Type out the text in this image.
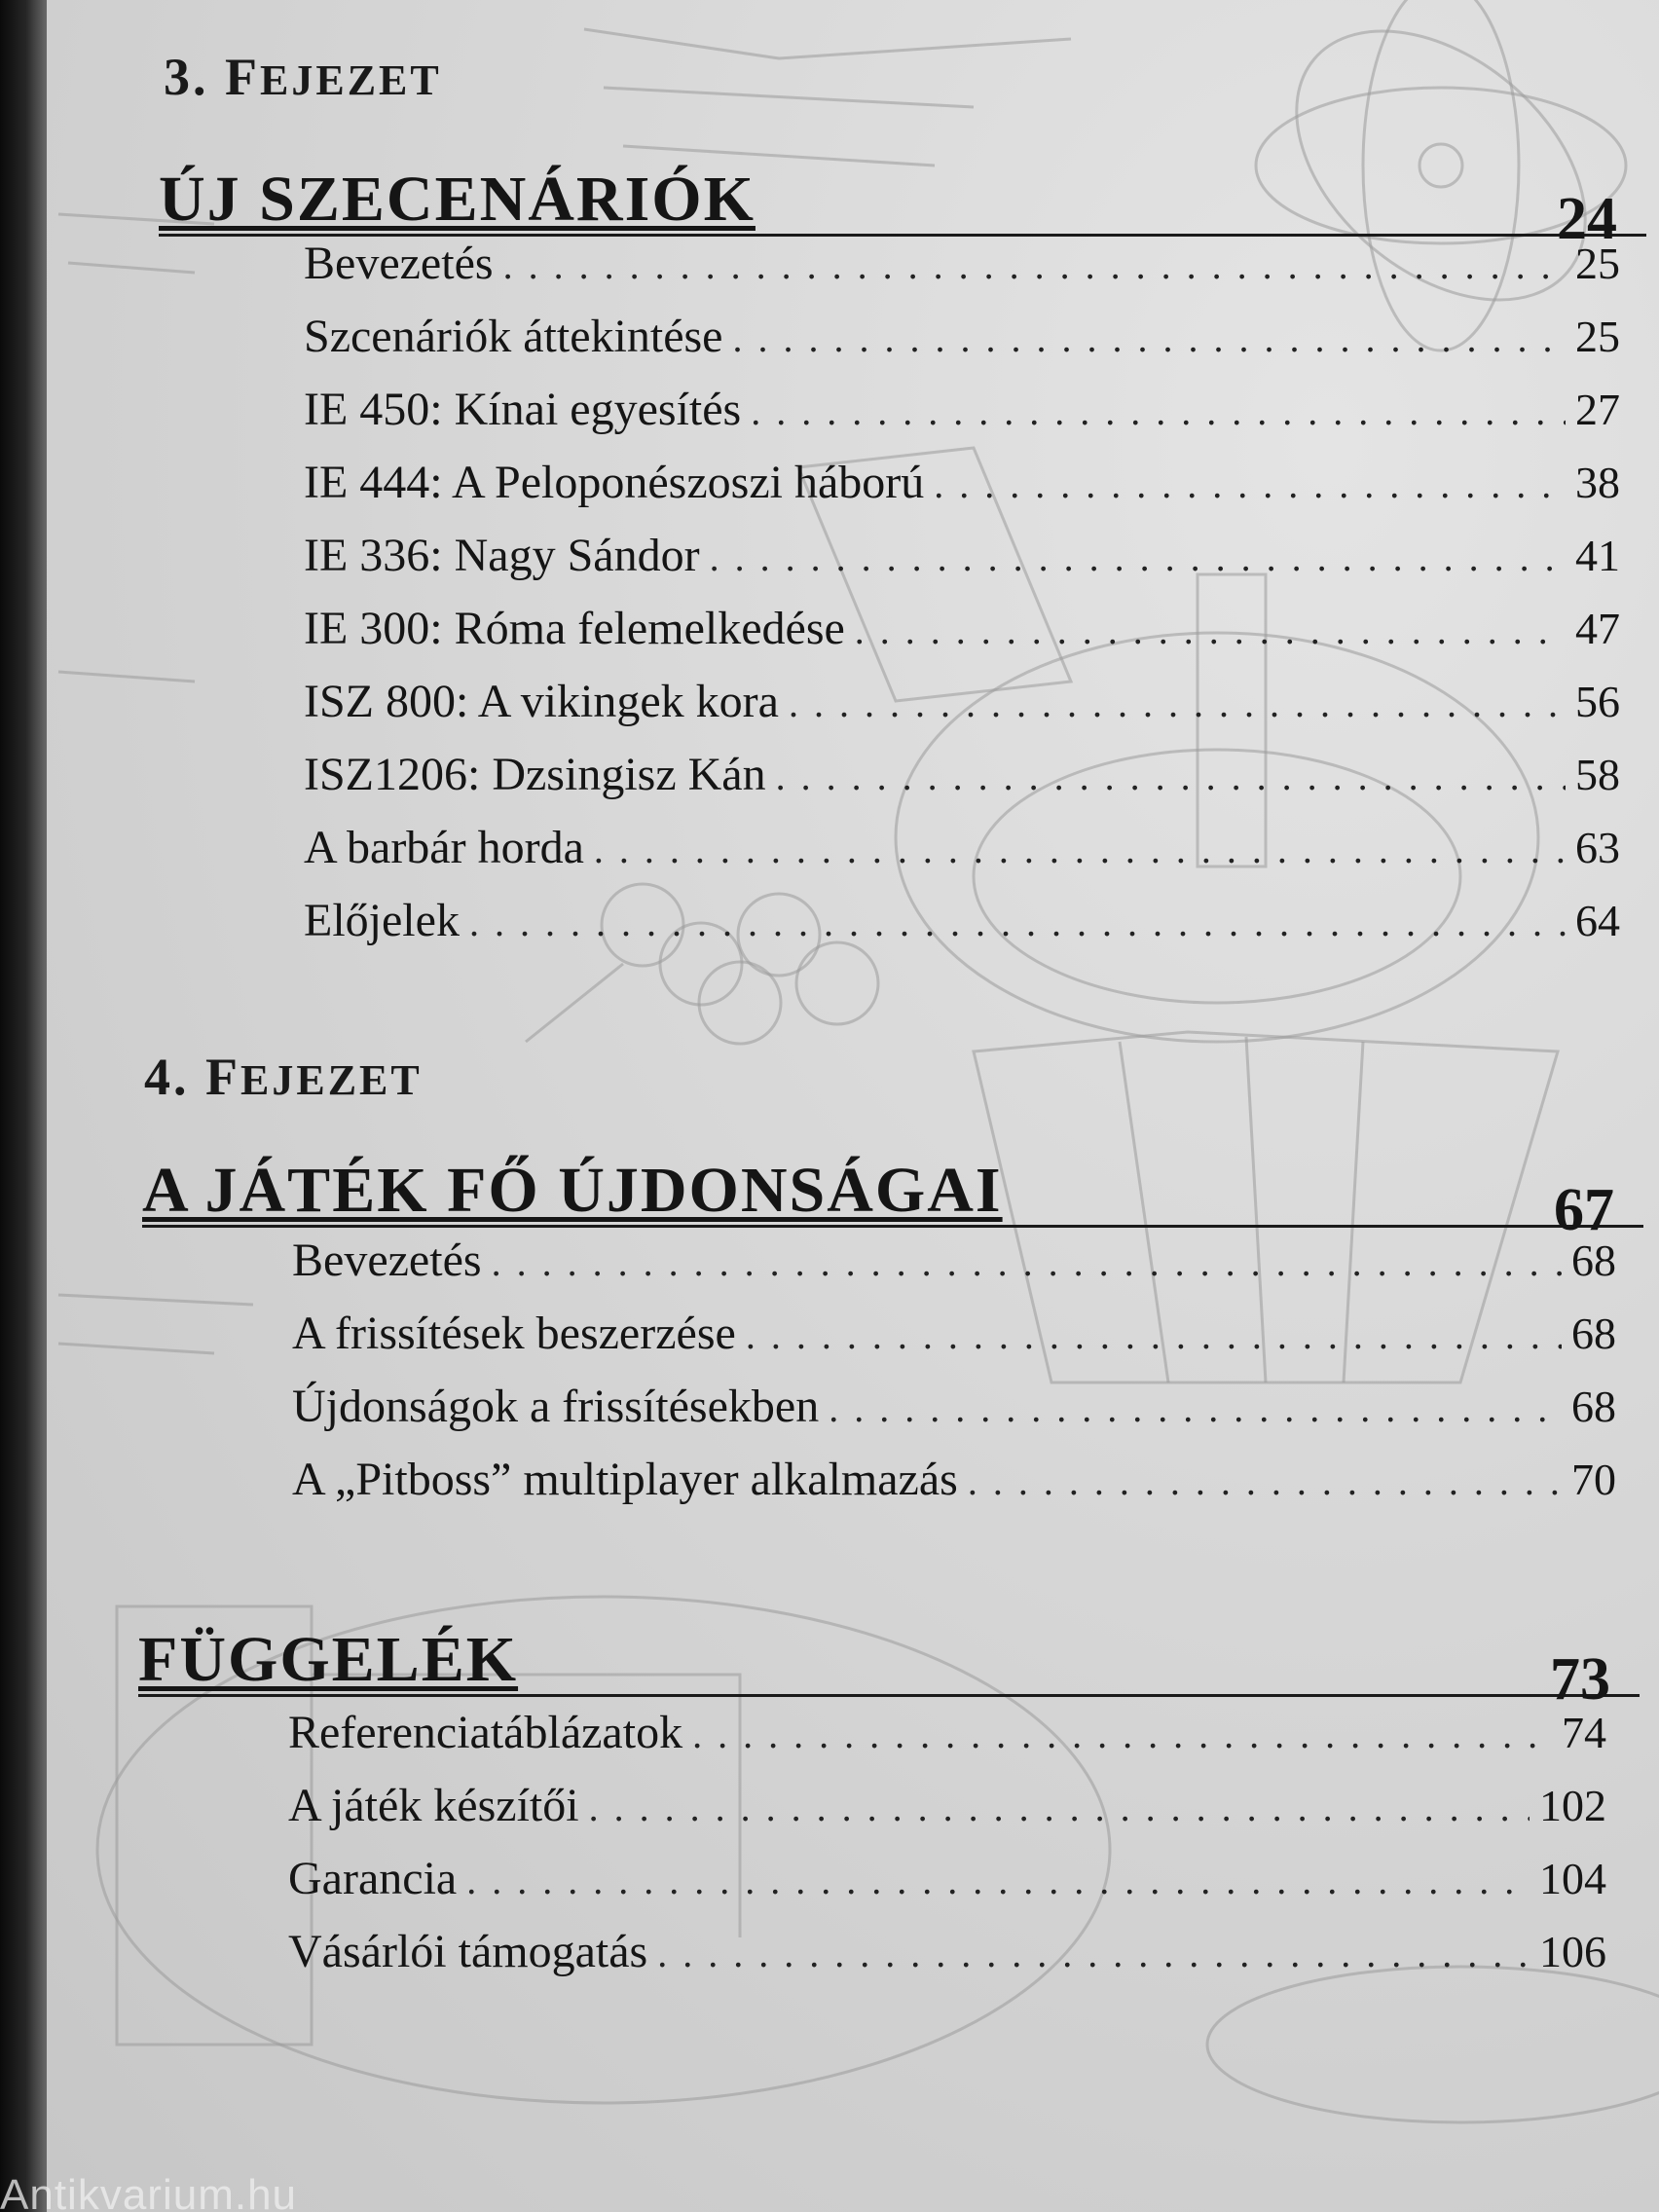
3. FEJEZET
ÚJ SZECENÁRIÓK	24
Bevezetés . . .	25
Szcenáriók áttekintése . . .	25
IE 450: Kínai egyesítés . . .	27
IE 444: A Peloponészoszi háború . . .	38
IE 336: Nagy Sándor . . .	41
IE 300: Róma felemelkedése . . .	47
ISZ 800: A vikingek kora . . .	56
ISZ1206: Dzsingisz Kán . . .	58
A barbár horda . . .	63
Előjelek . . .	64
4. FEJEZET
A JÁTÉK FŐ ÚJDONSÁGAI	67
Bevezetés . . .	68
A frissítések beszerzése . . .	68
Újdonságok a frissítésekben . . .	68
A „Pitboss” multiplayer alkalmazás . . .	70
FÜGGELÉK	73
Referenciatáblázatok . . .	74
A játék készítői . . .	102
Garancia . . .	104
Vásárlói támogatás . . .	106
Antikvarium.hu
